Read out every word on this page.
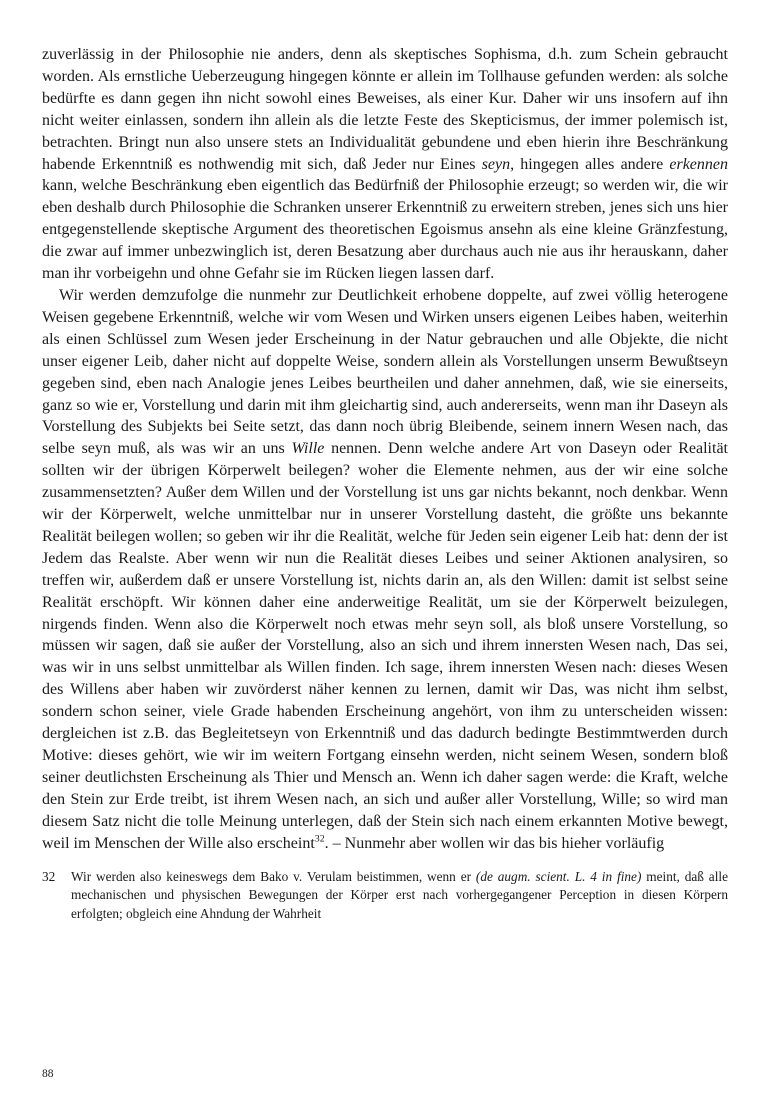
zuverlässig in der Philosophie nie anders, denn als skeptisches Sophisma, d.h. zum Schein gebraucht worden. Als ernstliche Ueberzeugung hingegen könnte er allein im Tollhause gefunden werden: als solche bedürfte es dann gegen ihn nicht sowohl eines Beweises, als einer Kur. Daher wir uns insofern auf ihn nicht weiter einlassen, sondern ihn allein als die letzte Feste des Skepticismus, der immer polemisch ist, betrachten. Bringt nun also unsere stets an Individualität gebundene und eben hierin ihre Beschränkung habende Erkenntniß es nothwendig mit sich, daß Jeder nur Eines seyn, hingegen alles andere erkennen kann, welche Beschränkung eben eigentlich das Bedürfniß der Philosophie erzeugt; so werden wir, die wir eben deshalb durch Philosophie die Schranken unserer Erkenntniß zu erweitern streben, jenes sich uns hier entgegenstellende skeptische Argument des theoretischen Egoismus ansehn als eine kleine Gränzfestung, die zwar auf immer unbezwinglich ist, deren Besatzung aber durchaus auch nie aus ihr herauskann, daher man ihr vorbeigehn und ohne Gefahr sie im Rücken liegen lassen darf.

Wir werden demzufolge die nunmehr zur Deutlichkeit erhobene doppelte, auf zwei völlig heterogene Weisen gegebene Erkenntniß, welche wir vom Wesen und Wirken unsers eigenen Leibes haben, weiterhin als einen Schlüssel zum Wesen jeder Erscheinung in der Natur gebrauchen und alle Objekte, die nicht unser eigener Leib, daher nicht auf doppelte Weise, sondern allein als Vorstellungen unserm Bewußtseyn gegeben sind, eben nach Analogie jenes Leibes beurtheilen und daher annehmen, daß, wie sie einerseits, ganz so wie er, Vorstellung und darin mit ihm gleichartig sind, auch andererseits, wenn man ihr Daseyn als Vorstellung des Subjekts bei Seite setzt, das dann noch übrig Bleibende, seinem innern Wesen nach, das selbe seyn muß, als was wir an uns Wille nennen. Denn welche andere Art von Daseyn oder Realität sollten wir der übrigen Körperwelt beilegen? woher die Elemente nehmen, aus der wir eine solche zusammensetzten? Außer dem Willen und der Vorstellung ist uns gar nichts bekannt, noch denkbar. Wenn wir der Körperwelt, welche unmittelbar nur in unserer Vorstellung dasteht, die größte uns bekannte Realität beilegen wollen; so geben wir ihr die Realität, welche für Jeden sein eigener Leib hat: denn der ist Jedem das Realste. Aber wenn wir nun die Realität dieses Leibes und seiner Aktionen analysiren, so treffen wir, außerdem daß er unsere Vorstellung ist, nichts darin an, als den Willen: damit ist selbst seine Realität erschöpft. Wir können daher eine anderweitige Realität, um sie der Körperwelt beizulegen, nirgends finden. Wenn also die Körperwelt noch etwas mehr seyn soll, als bloß unsere Vorstellung, so müssen wir sagen, daß sie außer der Vorstellung, also an sich und ihrem innersten Wesen nach, Das sei, was wir in uns selbst unmittelbar als Willen finden. Ich sage, ihrem innersten Wesen nach: dieses Wesen des Willens aber haben wir zuvörderst näher kennen zu lernen, damit wir Das, was nicht ihm selbst, sondern schon seiner, viele Grade habenden Erscheinung angehört, von ihm zu unterscheiden wissen: dergleichen ist z.B. das Begleitetseyn von Erkenntniß und das dadurch bedingte Bestimmtwerden durch Motive: dieses gehört, wie wir im weitern Fortgang einsehn werden, nicht seinem Wesen, sondern bloß seiner deutlichsten Erscheinung als Thier und Mensch an. Wenn ich daher sagen werde: die Kraft, welche den Stein zur Erde treibt, ist ihrem Wesen nach, an sich und außer aller Vorstellung, Wille; so wird man diesem Satz nicht die tolle Meinung unterlegen, daß der Stein sich nach einem erkannten Motive bewegt, weil im Menschen der Wille also erscheint$^{32}$. – Nunmehr aber wollen wir das bis hieher vorläufig

32	Wir werden also keineswegs dem Bako v. Verulam beistimmen, wenn er (de augm. scient. L. 4 in fine) meint, daß alle mechanischen und physischen Bewegungen der Körper erst nach vorhergegangener Perception in diesen Körpern erfolgten; obgleich eine Ahndung der Wahrheit
88
